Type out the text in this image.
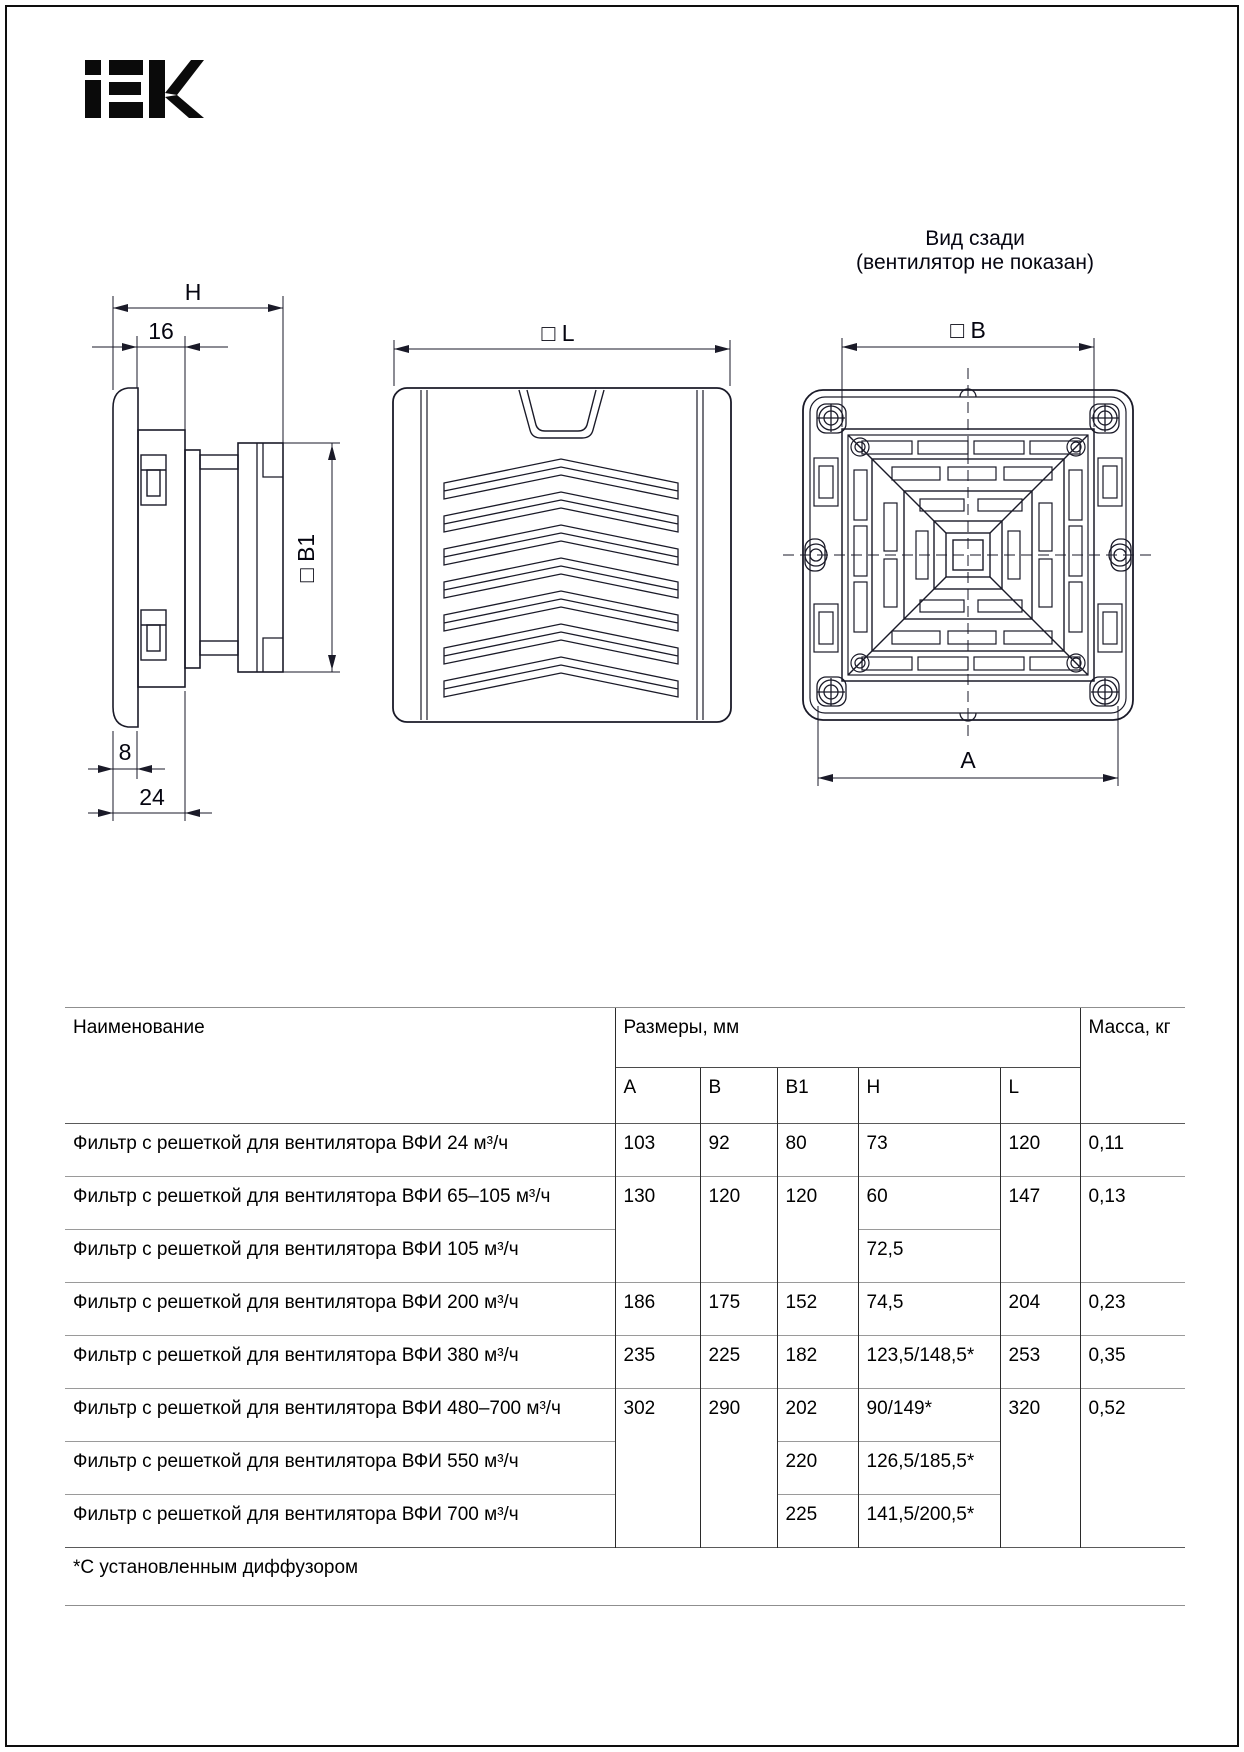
H
16
□ B1
8
24
□ L
Вид сзади
(вентилятор не показан)
□ B
A
Наименование	Размеры, мм					Масса, кг
	A	B	B1	H	L	
Фильтр с решеткой для вентилятора ВФИ 24 м³/ч	103	92	80	73	120	0,11
Фильтр с решеткой для вентилятора ВФИ 65–105 м³/ч	130	120	120	60	147	0,13
Фильтр с решеткой для вентилятора ВФИ 105 м³/ч				72,5		
Фильтр с решеткой для вентилятора ВФИ 200 м³/ч	186	175	152	74,5	204	0,23
Фильтр с решеткой для вентилятора ВФИ 380 м³/ч	235	225	182	123,5/148,5*	253	0,35
Фильтр с решеткой для вентилятора ВФИ 480–700 м³/ч	302	290	202	90/149*	320	0,52
Фильтр с решеткой для вентилятора ВФИ 550 м³/ч			220	126,5/185,5*		
Фильтр с решеткой для вентилятора ВФИ 700 м³/ч			225	141,5/200,5*		
*С установленным диффузором						
